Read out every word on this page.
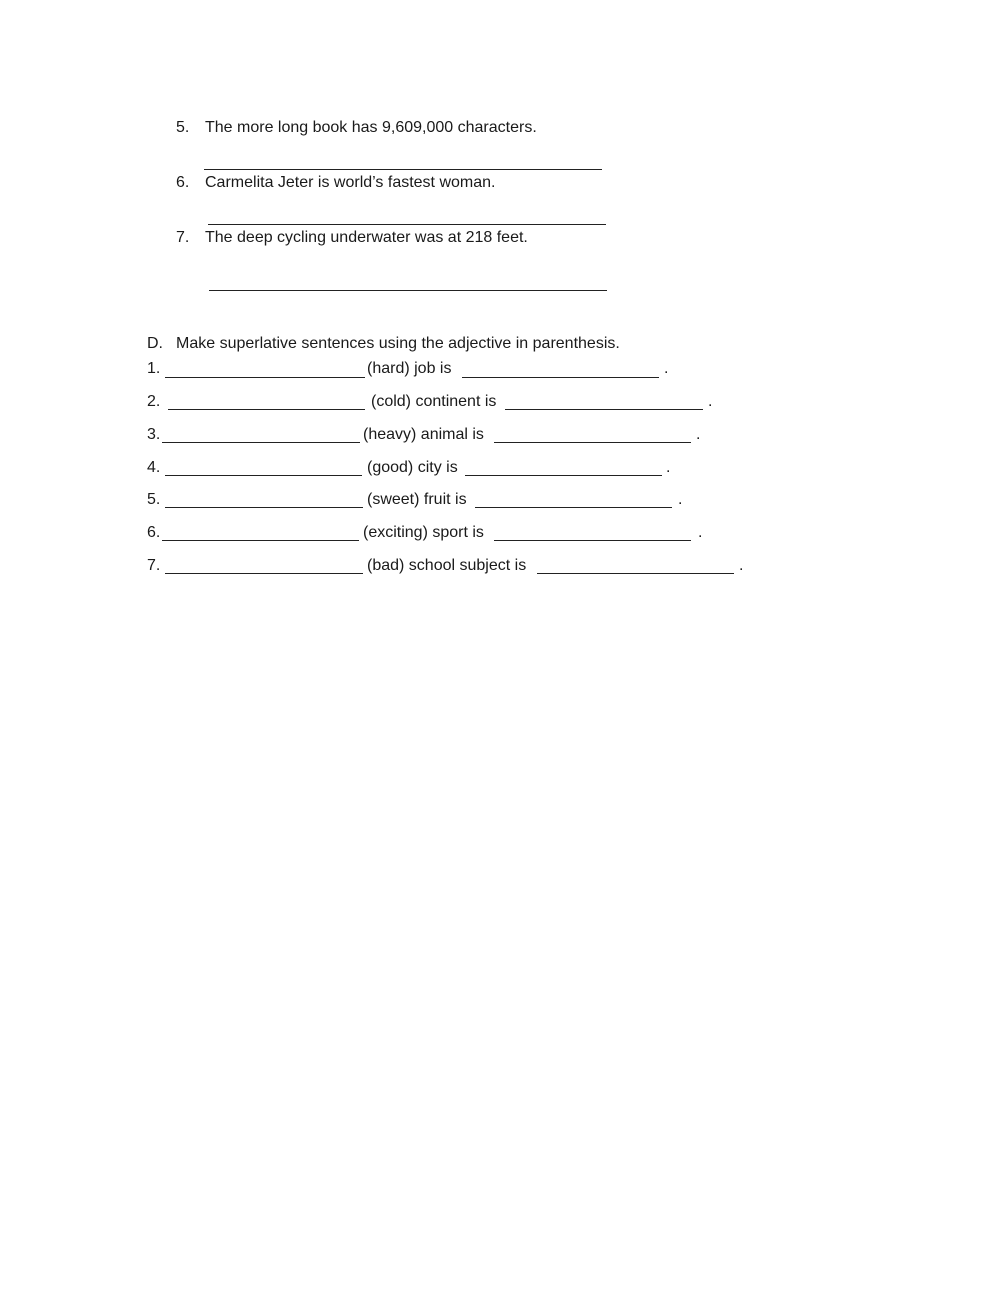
5. The more long book has 9,609,000 characters.
6. Carmelita Jeter is world’s fastest woman.
7. The deep cycling underwater was at 218 feet.
D. Make superlative sentences using the adjective in parenthesis.
1.	(hard) job is	.
2.	(cold) continent is	.
3.	(heavy) animal is	.
4.	(good) city is	.
5.	(sweet) fruit is	.
6.	(exciting) sport is	.
7.	(bad) school subject is	.
